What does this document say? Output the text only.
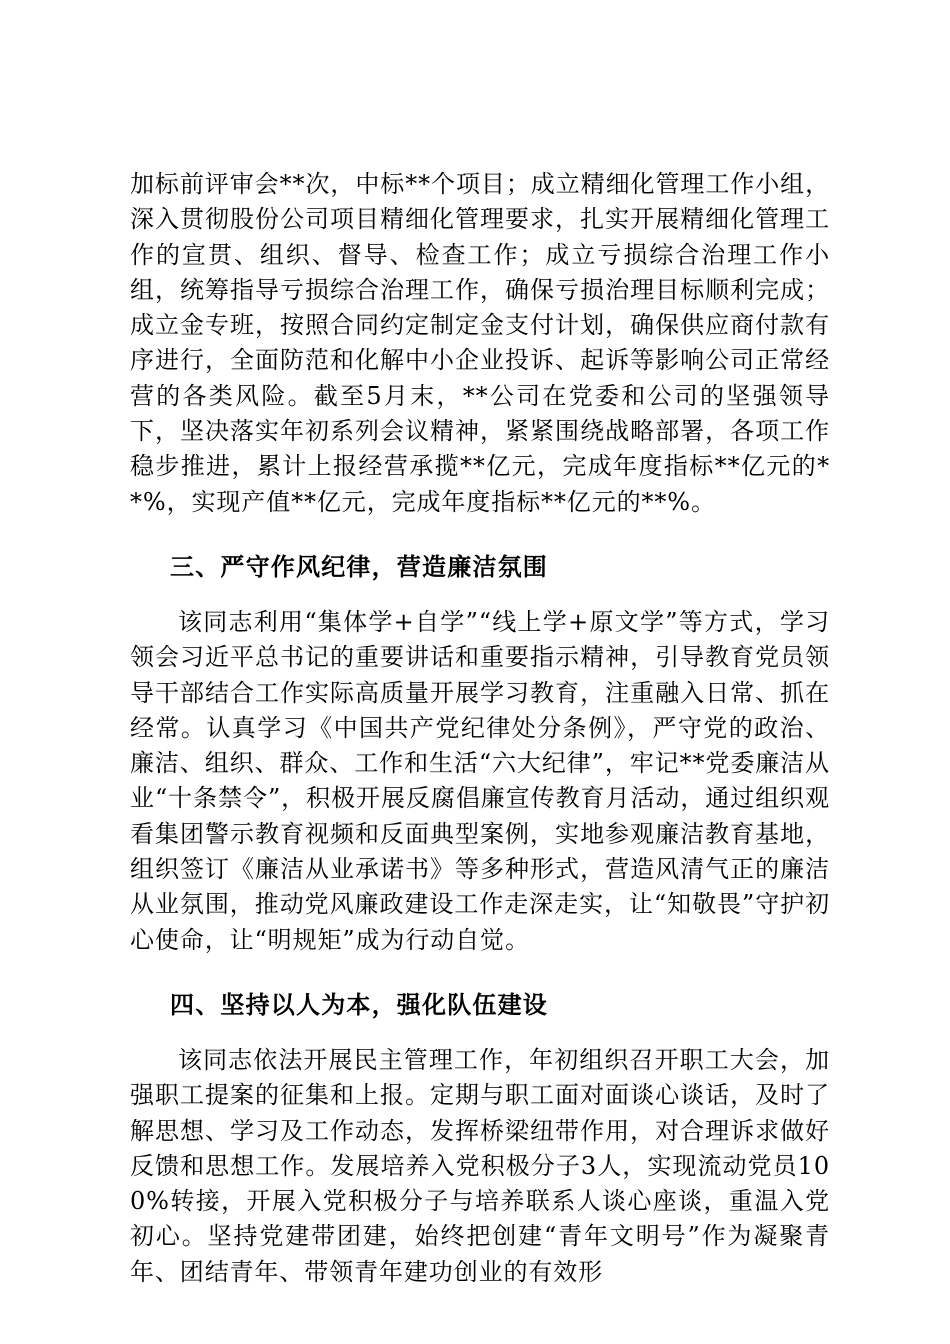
加标前评审会**次，中标**个项目；成立精细化管理工作小组，深入贯彻股份公司项目精细化管理要求，扎实开展精细化管理工作的宣贯、组织、督导、检查工作；成立亏损综合治理工作小组，统筹指导亏损综合治理工作，确保亏损治理目标顺利完成；成立金专班，按照合同约定制定金支付计划，确保供应商付款有序进行，全面防范和化解中小企业投诉、起诉等影响公司正常经营的各类风险。截至5月末，**公司在党委和公司的坚强领导下，坚决落实年初系列会议精神，紧紧围绕战略部署，各项工作稳步推进，累计上报经营承揽**亿元，完成年度指标**亿元的**%，实现产值**亿元，完成年度指标**亿元的**%。

三、严守作风纪律，营造廉洁氛围

该同志利用“集体学+自学”“线上学+原文学”等方式，学习领会习近平总书记的重要讲话和重要指示精神，引导教育党员领导干部结合工作实际高质量开展学习教育，注重融入日常、抓在经常。认真学习《中国共产党纪律处分条例》，严守党的政治、廉洁、组织、群众、工作和生活“六大纪律”，牢记**党委廉洁从业“十条禁令”，积极开展反腐倡廉宣传教育月活动，通过组织观看集团警示教育视频和反面典型案例，实地参观廉洁教育基地，组织签订《廉洁从业承诺书》等多种形式，营造风清气正的廉洁从业氛围，推动党风廉政建设工作走深走实，让“知敬畏”守护初心使命，让“明规矩”成为行动自觉。

四、坚持以人为本，强化队伍建设

该同志依法开展民主管理工作，年初组织召开职工大会，加强职工提案的征集和上报。定期与职工面对面谈心谈话，及时了解思想、学习及工作动态，发挥桥梁纽带作用，对合理诉求做好反馈和思想工作。发展培养入党积极分子3人，实现流动党员100%转接，开展入党积极分子与培养联系人谈心座谈，重温入党初心。坚持党建带团建，始终把创建“青年文明号”作为凝聚青年、团结青年、带领青年建功创业的有效形
